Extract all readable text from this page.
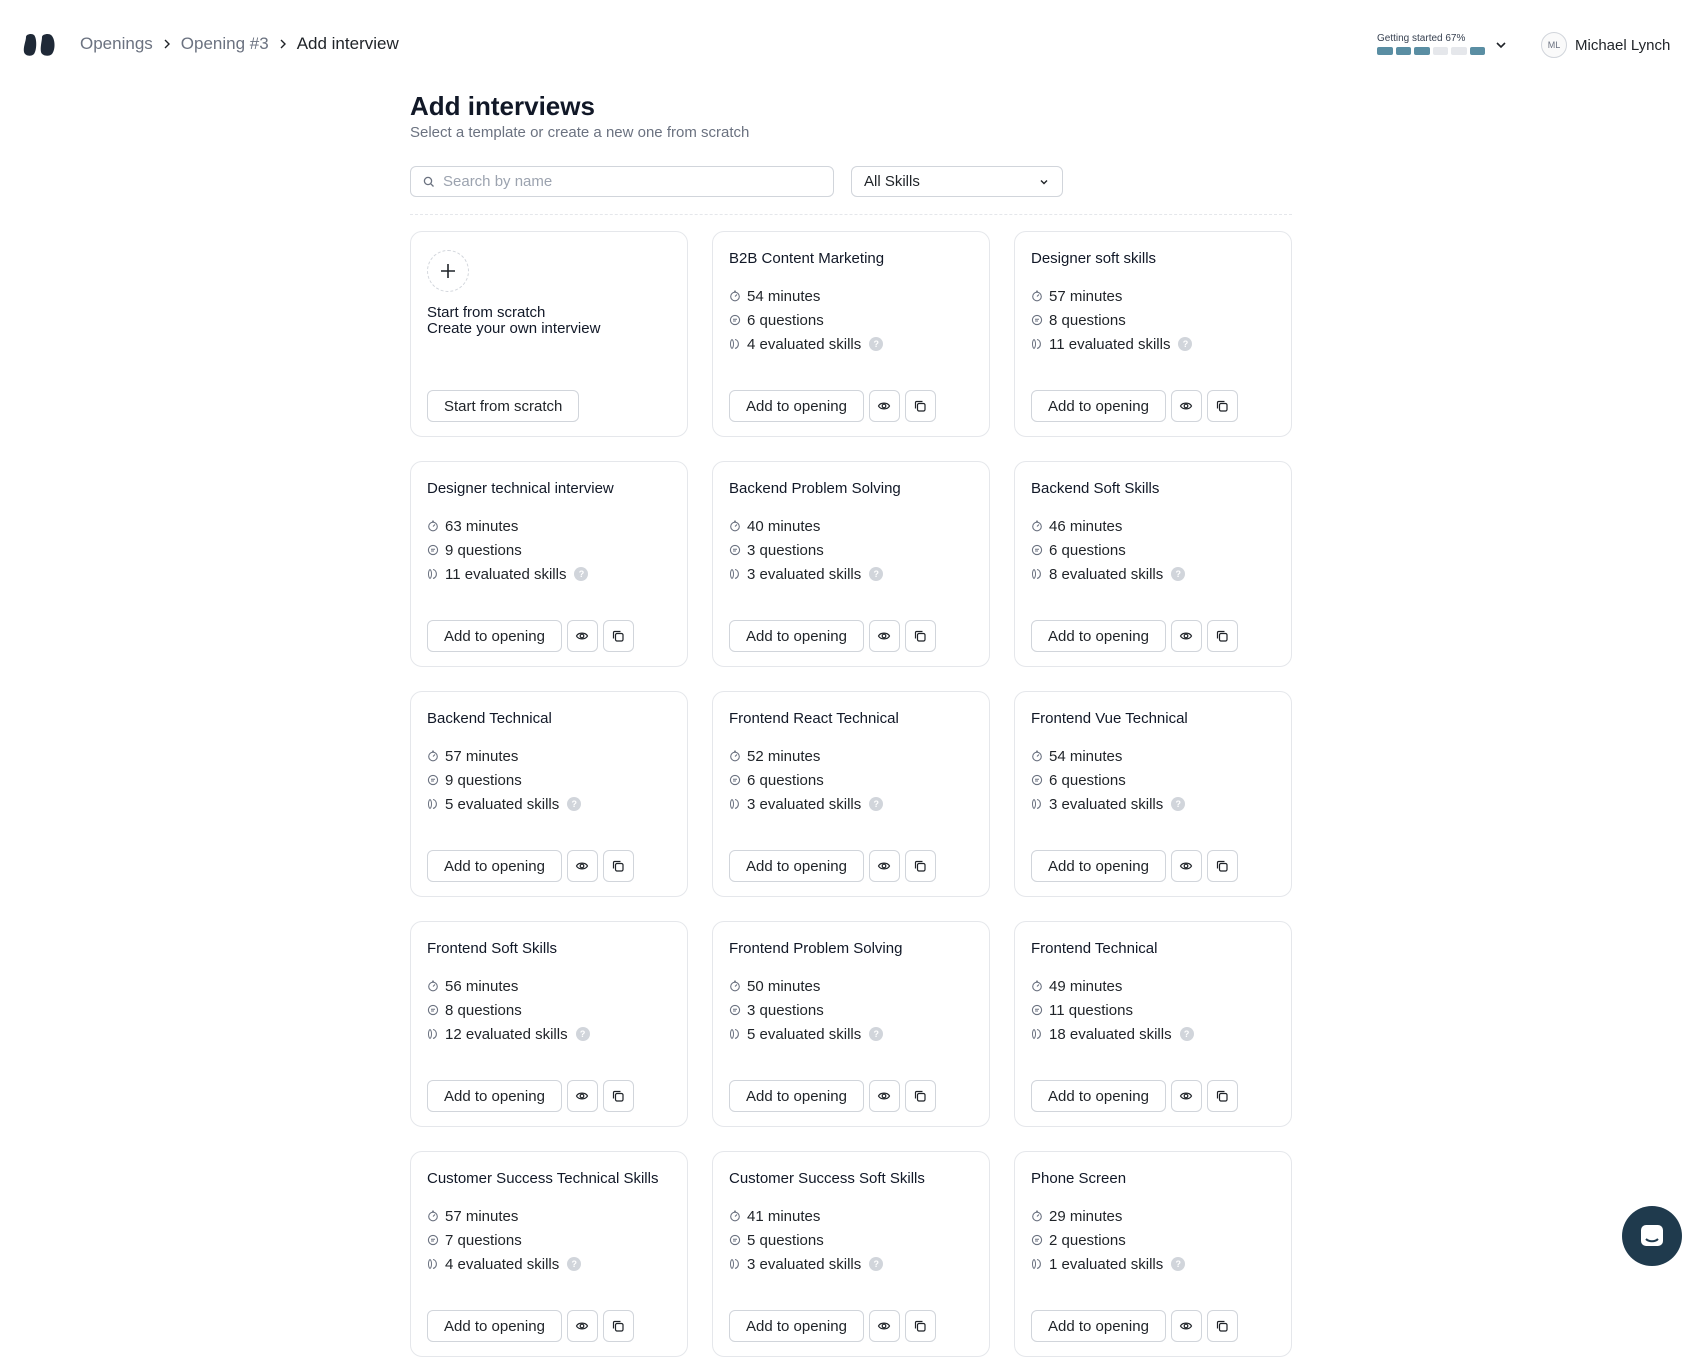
Openings Opening #3 Add interview	Getting started 67%
ML Michael Lynch
Add interviews
Select a template or create a new one from scratch
Search by name
All Skills
Start from scratch
Create your own interview
Start from scratch
B2B Content Marketing
54 minutes
6 questions
4 evaluated skills	?
Add to opening
Designer soft skills
57 minutes
8 questions
11 evaluated skills	?
Add to opening
Designer technical interview
63 minutes
9 questions
11 evaluated skills	?
Add to opening
Backend Problem Solving
40 minutes
3 questions
3 evaluated skills	?
Add to opening
Backend Soft Skills
46 minutes
6 questions
8 evaluated skills	?
Add to opening
Backend Technical
57 minutes
9 questions
5 evaluated skills	?
Add to opening
Frontend React Technical
52 minutes
6 questions
3 evaluated skills	?
Add to opening
Frontend Vue Technical
54 minutes
6 questions
3 evaluated skills	?
Add to opening
Frontend Soft Skills
56 minutes
8 questions
12 evaluated skills	?
Add to opening
Frontend Problem Solving
50 minutes
3 questions
5 evaluated skills	?
Add to opening
Frontend Technical
49 minutes
11 questions
18 evaluated skills	?
Add to opening
Customer Success Technical Skills
57 minutes
7 questions
4 evaluated skills	?
Add to opening
Customer Success Soft Skills
41 minutes
5 questions
3 evaluated skills	?
Add to opening
Phone Screen
29 minutes
2 questions
1 evaluated skills	?
Add to opening
